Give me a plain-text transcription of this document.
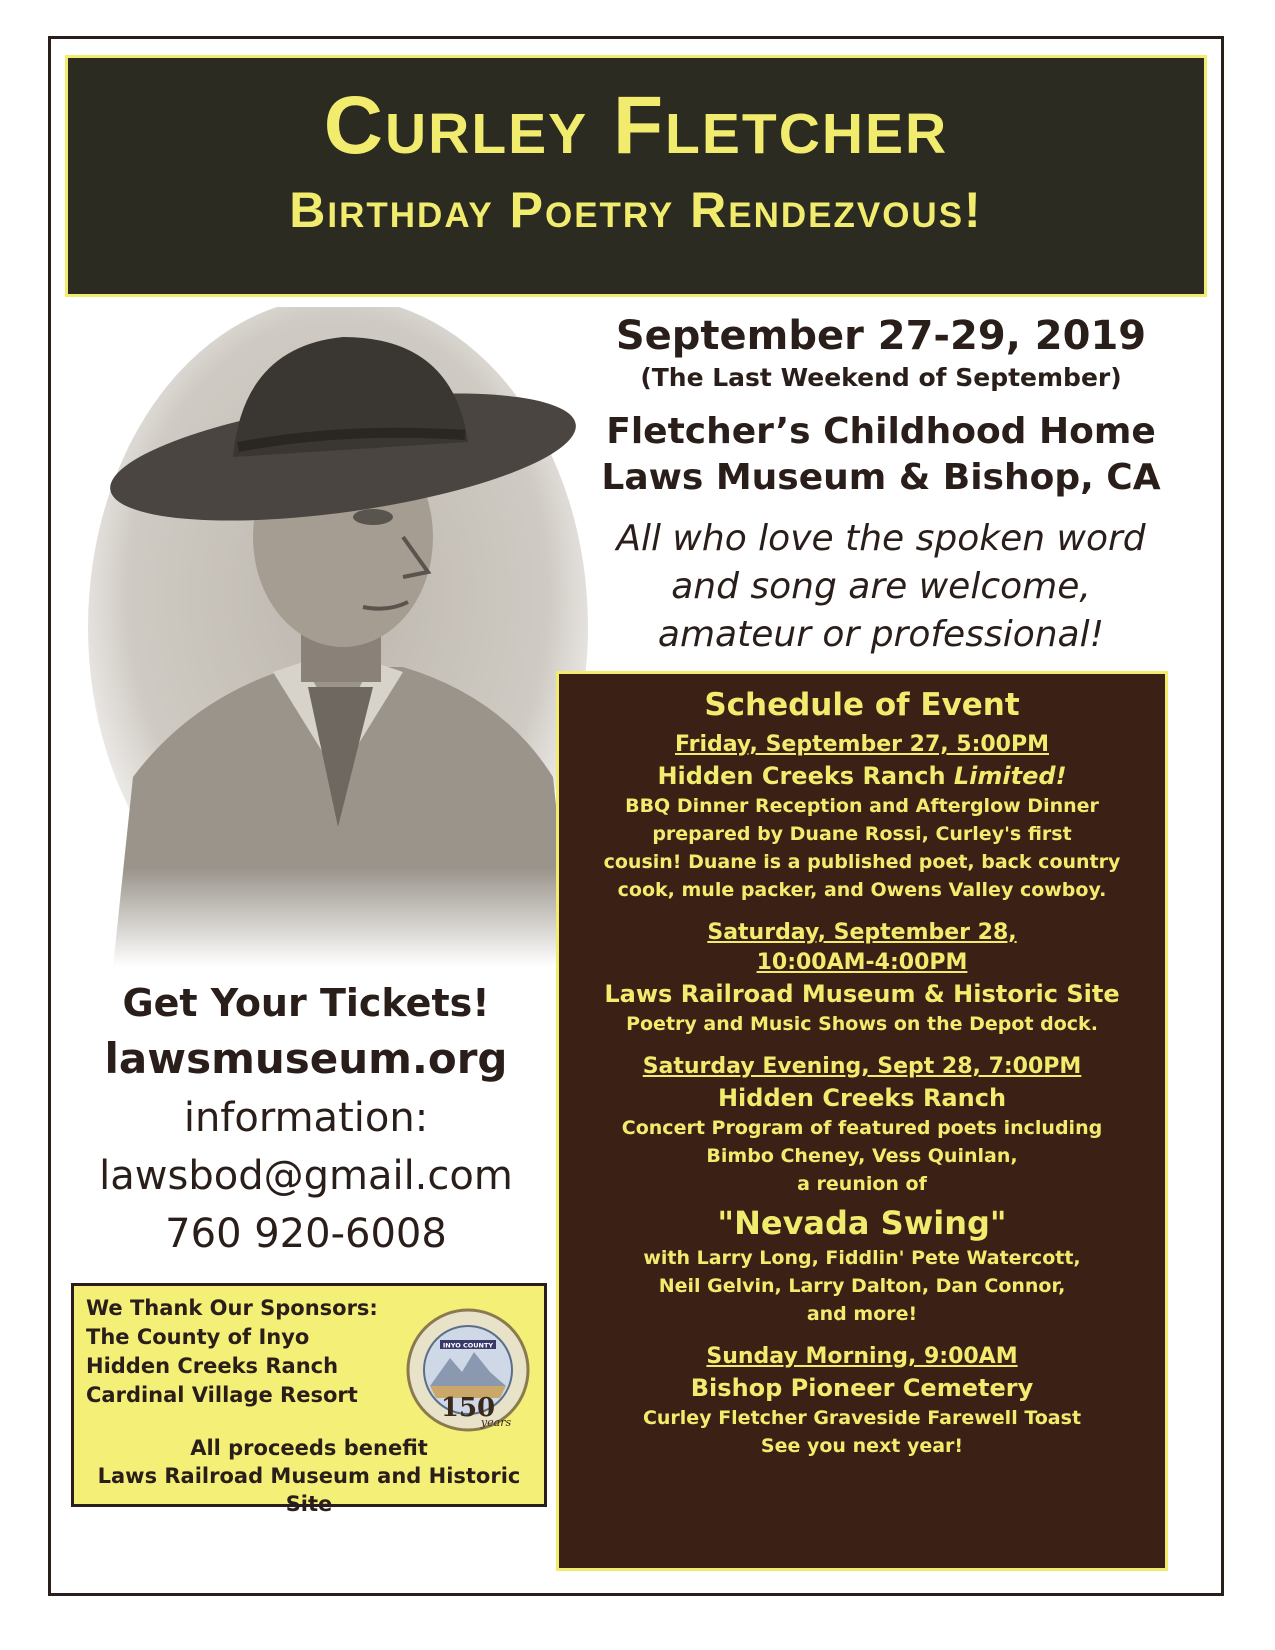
Curley Fletcher
Birthday Poetry Rendezvous!
September 27-29, 2019
(The Last Weekend of September)
Fletcher’s Childhood Home
Laws Museum & Bishop, CA
All who love the spoken word
and song are welcome,
amateur or professional!
Schedule of Event
Friday, September 27, 5:00PM
Hidden Creeks Ranch Limited!
BBQ Dinner Reception and Afterglow Dinner
prepared by Duane Rossi, Curley's first
cousin! Duane is a published poet, back country
cook, mule packer, and Owens Valley cowboy.
Saturday, September 28,
10:00AM-4:00PM
Laws Railroad Museum & Historic Site
Poetry and Music Shows on the Depot dock.
Saturday Evening, Sept 28, 7:00PM
Hidden Creeks Ranch
Concert Program of featured poets including
Bimbo Cheney, Vess Quinlan,
a reunion of
"Nevada Swing"
with Larry Long, Fiddlin' Pete Watercott,
Neil Gelvin, Larry Dalton, Dan Connor,
and more!
Sunday Morning, 9:00AM
Bishop Pioneer Cemetery
Curley Fletcher Graveside Farewell Toast
See you next year!
Get Your Tickets!
lawsmuseum.org
information:
lawsbod@gmail.com
760 920-6008
We Thank Our Sponsors:
The County of Inyo
Hidden Creeks Ranch
Cardinal Village Resort
INYO COUNTY
150
years
All proceeds benefit
Laws Railroad Museum and Historic Site
